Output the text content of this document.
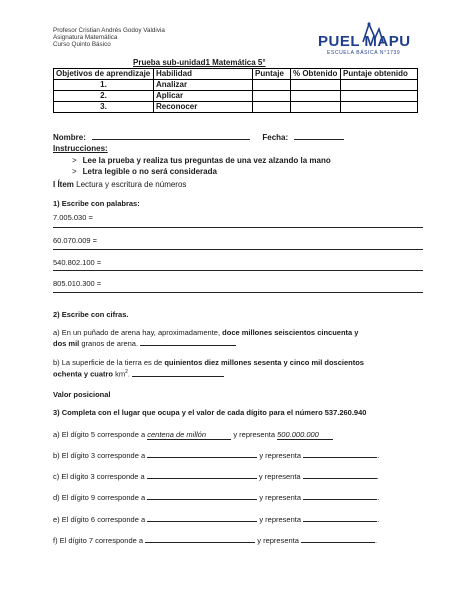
Profesor Cristian Andrés Godoy Valdivia
Asignatura Matemática
Curso Quinto Básico	PUEL MAPU
ESCUELA BÁSICA N°1739
Prueba sub-unidad1 Matemática 5°
Objetivos de aprendizaje	Habilidad	Puntaje	% Obtenido	Puntaje obtenido
1.	Analizar			
2.	Aplicar			
3.	Reconocer			
Nombre:	Fecha:
Instrucciones:
> Lee la prueba y realiza tus preguntas de una vez alzando la mano
> Letra legible o no será considerada
I Ítem Lectura y escritura de números
1) Escribe con palabras:
7.005.030 =
60.070.009 =
540.802.100 =
805.010.300 =
2) Escribe con cifras.
a) En un puñado de arena hay, aproximadamente, doce millones seiscientos cincuenta y
dos mil granos de arena.
b) La superficie de la tierra es de quinientos diez millones sesenta y cinco mil doscientos
ochenta y cuatro $km^2$.
Valor posicional
3) Completa con el lugar que ocupa y el valor de cada dígito para el número 537.260.940
a) El dígito 5 corresponde a centena de millón	y representa 500.000.000
b) El dígito 3 corresponde a	y representa	.
c) El dígito 3 corresponde a	y representa	.
d) El dígito 9 corresponde a	y representa	.
e) El dígito 6 corresponde a	y representa	.
f) El dígito 7 corresponde a	y representa	.
